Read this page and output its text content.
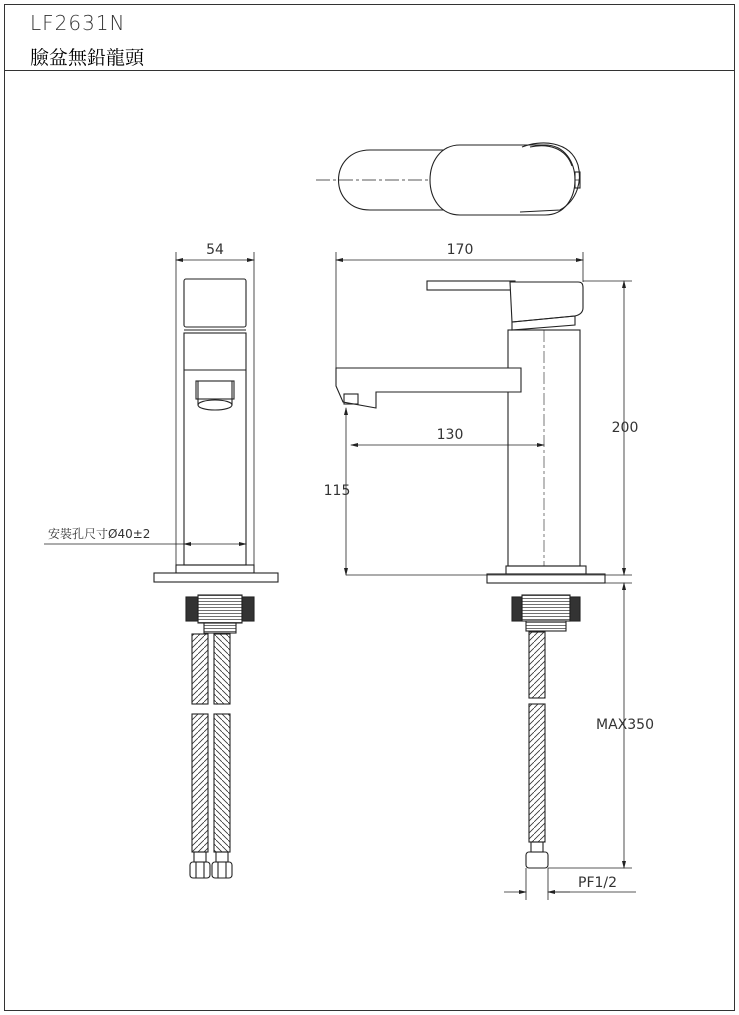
LF2631N
臉盆無鉛龍頭
54
安裝孔尺寸Ø40±2
170
130
115
200
MAX350
PF1/2
